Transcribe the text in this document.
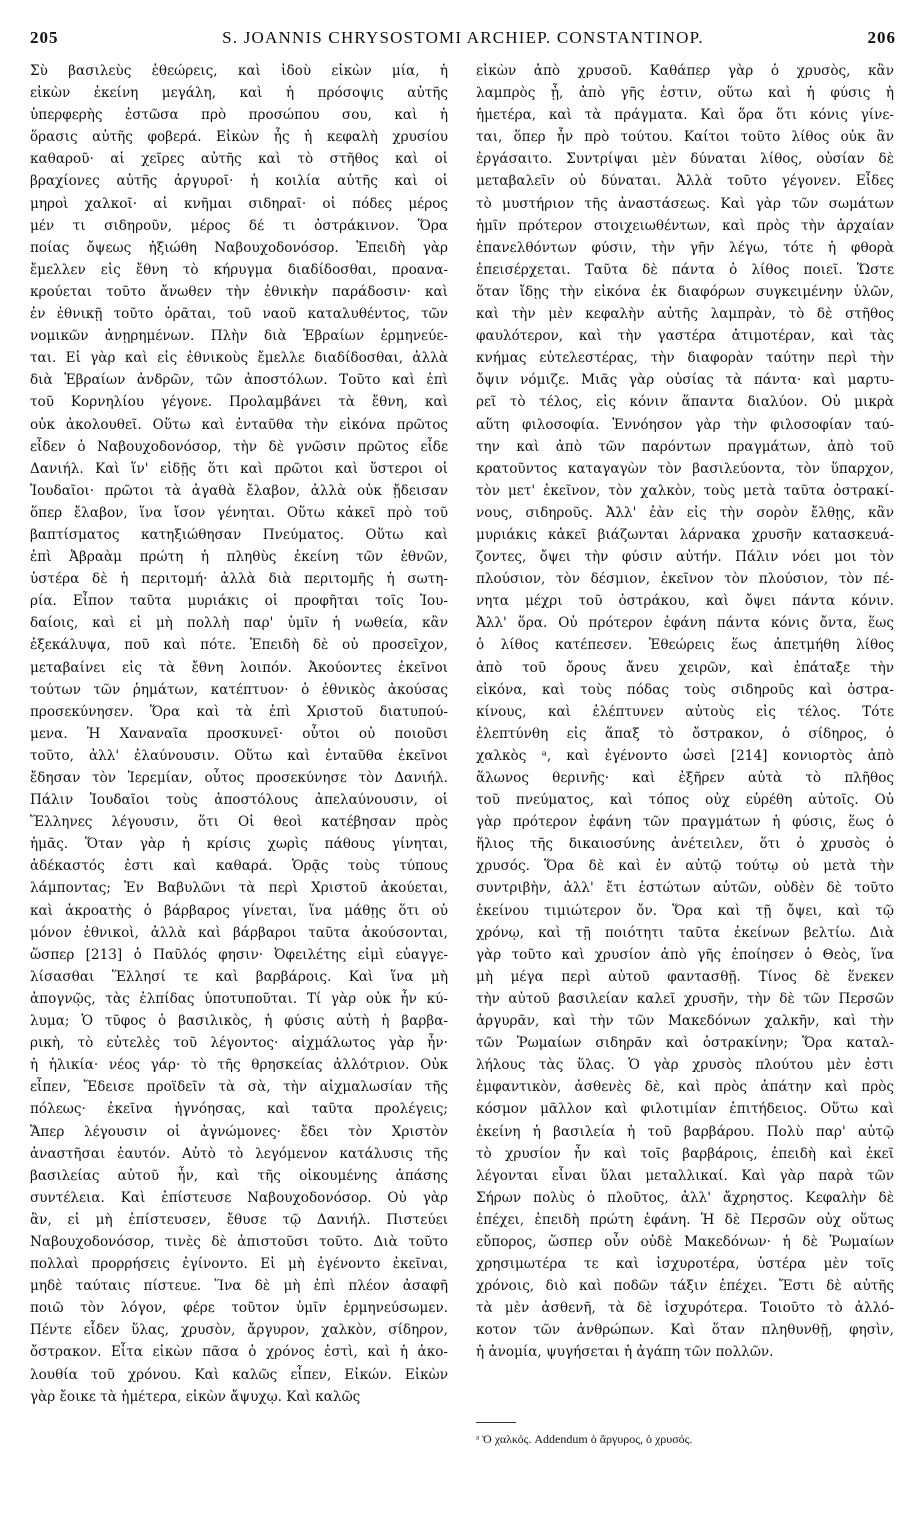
205	S. JOANNIS CHRYSOSTOMI ARCHIEP. CONSTANTINOP.	206
Σὺ βασιλεὺς ἐθεώρεις, καὶ ἰδοὺ εἰκὼν μία, ἡ
εἰκὼν ἐκείνη μεγάλη, καὶ ἡ πρόσοψις αὐτῆς
ὑπερφερὴς ἑστῶσα πρὸ προσώπου σου, καὶ ἡ
ὅρασις αὐτῆς φοβερά. Εἰκὼν ἧς ἡ κεφαλὴ χρυσίου
καθαροῦ· αἱ χεῖρες αὐτῆς καὶ τὸ στῆθος καὶ οἱ
βραχίονες αὐτῆς ἀργυροῖ· ἡ κοιλία αὐτῆς καὶ οἱ
μηροὶ χαλκοῖ· αἱ κνῆμαι σιδηραῖ· οἱ πόδες μέρος
μέν τι σιδηροῦν, μέρος δέ τι ὀστράκινον. Ὅρα
ποίας ὄψεως ἠξιώθη Ναβουχοδονόσορ. Ἐπειδὴ γὰρ
ἔμελλεν εἰς ἔθνη τὸ κήρυγμα διαδίδοσθαι, προανα-
κρούεται τοῦτο ἄνωθεν τὴν ἐθνικὴν παράδοσιν· καὶ
ἐν ἐθνικῇ τοῦτο ὁρᾶται, τοῦ ναοῦ καταλυθέντος, τῶν
νομικῶν ἀνῃρημένων. Πλὴν διὰ Ἑβραίων ἑρμηνεύε-
ται. Εἰ γὰρ καὶ εἰς ἐθνικοὺς ἔμελλε διαδίδοσθαι, ἀλλὰ
διὰ Ἑβραίων ἀνδρῶν, τῶν ἀποστόλων. Τοῦτο καὶ ἐπὶ
τοῦ Κορνηλίου γέγονε. Προλαμβάνει τὰ ἔθνη, καὶ
οὐκ ἀκολουθεῖ. Οὕτω καὶ ἐνταῦθα τὴν εἰκόνα πρῶτος
εἶδεν ὁ Ναβουχοδονόσορ, τὴν δὲ γνῶσιν πρῶτος εἶδε
Δανιήλ. Καὶ ἵν' εἰδῇς ὅτι καὶ πρῶτοι καὶ ὕστεροι οἱ
Ἰουδαῖοι· πρῶτοι τὰ ἀγαθὰ ἔλαβον, ἀλλὰ οὐκ ᾔδεισαν
ὅπερ ἔλαβον, ἵνα ἴσον γένηται. Οὕτω κἀκεῖ πρὸ τοῦ
βαπτίσματος κατηξιώθησαν Πνεύματος. Οὕτω καὶ
ἐπὶ Ἀβραὰμ πρώτη ἡ πληθὺς ἐκείνη τῶν ἐθνῶν,
ὑστέρα δὲ ἡ περιτομή· ἀλλὰ διὰ περιτομῆς ἡ σωτη-
ρία. Εἶπον ταῦτα μυριάκις οἱ προφῆται τοῖς Ἰου-
δαίοις, καὶ εἰ μὴ πολλὴ παρ' ὑμῖν ἡ νωθεία, κἂν
ἐξεκάλυψα, ποῦ καὶ πότε. Ἐπειδὴ δὲ οὐ προσεῖχον,
μεταβαίνει εἰς τὰ ἔθνη λοιπόν. Ἀκούοντες ἐκεῖνοι
τούτων τῶν ῥημάτων, κατέπτυον· ὁ ἐθνικὸς ἀκούσας
προσεκύνησεν. Ὅρα καὶ τὰ ἐπὶ Χριστοῦ διατυπού-
μενα. Ἡ Χαναναῖα προσκυνεῖ· οὗτοι οὐ ποιοῦσι
τοῦτο, ἀλλ' ἐλαύνουσιν. Οὕτω καὶ ἐνταῦθα ἐκεῖνοι
ἔδησαν τὸν Ἱερεμίαν, οὗτος προσεκύνησε τὸν Δανιήλ.
Πάλιν Ἰουδαῖοι τοὺς ἀποστόλους ἀπελαύνουσιν, οἱ
Ἕλληνες λέγουσιν, ὅτι Οἱ θεοὶ κατέβησαν πρὸς
ἡμᾶς. Ὅταν γὰρ ἡ κρίσις χωρὶς πάθους γίνηται,
ἀδέκαστός ἐστι καὶ καθαρά. Ὁρᾷς τοὺς τύπους
λάμποντας; Ἐν Βαβυλῶνι τὰ περὶ Χριστοῦ ἀκούεται,
καὶ ἀκροατὴς ὁ βάρβαρος γίνεται, ἵνα μάθῃς ὅτι οὐ
μόνον ἐθνικοὶ, ἀλλὰ καὶ βάρβαροι ταῦτα ἀκούσονται,
ὥσπερ [213] ὁ Παῦλός φησιν· Ὀφειλέτης εἰμὶ εὐαγγε-
λίσασθαι Ἕλλησί τε καὶ βαρβάροις. Καὶ ἵνα μὴ
ἀπογνῷς, τὰς ἐλπίδας ὑποτυποῦται. Τί γὰρ οὐκ ἦν κύ-
λυμα; Ὁ τῦφος ὁ βασιλικὸς, ἡ φύσις αὐτὴ ἡ βαρβα-
ρικὴ, τὸ εὐτελὲς τοῦ λέγοντος· αἰχμάλωτος γὰρ ἦν·
ἡ ἡλικία· νέος γάρ· τὸ τῆς θρησκείας ἀλλότριον. Οὐκ
εἶπεν, Ἔδεισε προϊδεῖν τὰ σὰ, τὴν αἰχμαλωσίαν τῆς
πόλεως· ἐκεῖνα ἠγνόησας, καὶ ταῦτα προλέγεις;
Ἅπερ λέγουσιν οἱ ἀγνώμονες· ἔδει τὸν Χριστὸν
ἀναστῆσαι ἑαυτόν. Αὐτὸ τὸ λεγόμενον κατάλυσις τῆς
βασιλείας αὐτοῦ ἦν, καὶ τῆς οἰκουμένης ἁπάσης
συντέλεια. Καὶ ἐπίστευσε Ναβουχοδονόσορ. Οὐ γὰρ
ἂν, εἰ μὴ ἐπίστευσεν, ἔθυσε τῷ Δανιήλ. Πιστεύει
Ναβουχοδονόσορ, τινὲς δὲ ἀπιστοῦσι τοῦτο. Διὰ τοῦτο
πολλαὶ προρρήσεις ἐγίνοντο. Εἰ μὴ ἐγένοντο ἐκεῖναι,
μηδὲ ταύταις πίστευε. Ἵνα δὲ μὴ ἐπὶ πλέον ἀσαφῆ
ποιῶ τὸν λόγον, φέρε τοῦτον ὑμῖν ἑρμηνεύσωμεν.
Πέντε εἶδεν ὕλας, χρυσὸν, ἄργυρον, χαλκὸν, σίδηρον,
ὄστρακον. Εἶτα εἰκὼν πᾶσα ὁ χρόνος ἐστὶ, καὶ ἡ ἀκο-
λουθία τοῦ χρόνου. Καὶ καλῶς εἶπεν, Εἰκών. Εἰκὼν
γὰρ ἔοικε τὰ ἡμέτερα, εἰκὼν ἄψυχῳ. Καὶ καλῶς
εἰκὼν ἀπὸ χρυσοῦ. Καθάπερ γὰρ ὁ χρυσὸς, κἂν
λαμπρὸς ᾖ, ἀπὸ γῆς ἐστιν, οὕτω καὶ ἡ φύσις ἡ
ἡμετέρα, καὶ τὰ πράγματα. Καὶ ὅρα ὅτι κόνις γίνε-
ται, ὅπερ ἦν πρὸ τούτου. Καίτοι τοῦτο λίθος οὐκ ἂν
ἐργάσαιτο. Συντρίψαι μὲν δύναται λίθος, οὐσίαν δὲ
μεταβαλεῖν οὐ δύναται. Ἀλλὰ τοῦτο γέγονεν. Εἶδες
τὸ μυστήριον τῆς ἀναστάσεως. Καὶ γὰρ τῶν σωμάτων
ἡμῖν πρότερον στοιχειωθέντων, καὶ πρὸς τὴν ἀρχαίαν
ἐπανελθόντων φύσιν, τὴν γῆν λέγω, τότε ἡ φθορὰ
ἐπεισέρχεται. Ταῦτα δὲ πάντα ὁ λίθος ποιεῖ. Ὥστε
ὅταν ἴδῃς τὴν εἰκόνα ἐκ διαφόρων συγκειμένην ὑλῶν,
καὶ τὴν μὲν κεφαλὴν αὐτῆς λαμπρὰν, τὸ δὲ στῆθος
φαυλότερον, καὶ τὴν γαστέρα ἀτιμοτέραν, καὶ τὰς
κνήμας εὐτελεστέρας, τὴν διαφορὰν ταύτην περὶ τὴν
ὄψιν νόμιζε. Μιᾶς γὰρ οὐσίας τὰ πάντα· καὶ μαρτυ-
ρεῖ τὸ τέλος, εἰς κόνιν ἅπαντα διαλύον. Οὐ μικρὰ
αὕτη φιλοσοφία. Ἐννόησον γὰρ τὴν φιλοσοφίαν ταύ-
την καὶ ἀπὸ τῶν παρόντων πραγμάτων, ἀπὸ τοῦ
κρατοῦντος καταγαγὼν τὸν βασιλεύοντα, τὸν ὕπαρχον,
τὸν μετ' ἐκεῖνον, τὸν χαλκὸν, τοὺς μετὰ ταῦτα ὀστρακί-
νους, σιδηροῦς. Ἀλλ' ἐὰν εἰς τὴν σορὸν ἔλθῃς, κἂν
μυριάκις κἀκεῖ βιάζωνται λάρνακα χρυσῆν κατασκευά-
ζοντες, ὄψει τὴν φύσιν αὐτήν. Πάλιν νόει μοι τὸν
πλούσιον, τὸν δέσμιον, ἐκεῖνον τὸν πλούσιον, τὸν πέ-
νητα μέχρι τοῦ ὀστράκου, καὶ ὄψει πάντα κόνιν.
Ἀλλ' ὅρα. Οὐ πρότερον ἐφάνη πάντα κόνις ὄντα, ἕως
ὁ λίθος κατέπεσεν. Ἐθεώρεις ἕως ἀπετμήθη λίθος
ἀπὸ τοῦ ὄρους ἄνευ χειρῶν, καὶ ἐπάταξε τὴν
εἰκόνα, καὶ τοὺς πόδας τοὺς σιδηροῦς καὶ ὀστρα-
κίνους, καὶ ἐλέπτυνεν αὐτοὺς εἰς τέλος. Τότε
ἐλεπτύνθη εἰς ἅπαξ τὸ ὄστρακον, ὁ σίδηρος, ὁ
χαλκὸς ᵃ, καὶ ἐγένοντο ὡσεὶ [214] κονιορτὸς ἀπὸ
ἅλωνος θερινῆς· καὶ ἐξῆρεν αὐτὰ τὸ πλῆθος
τοῦ πνεύματος, καὶ τόπος οὐχ εὑρέθη αὐτοῖς. Οὐ
γὰρ πρότερον ἐφάνη τῶν πραγμάτων ἡ φύσις, ἕως ὁ
ἥλιος τῆς δικαιοσύνης ἀνέτειλεν, ὅτι ὁ χρυσὸς ὁ
χρυσός. Ὅρα δὲ καὶ ἐν αὐτῷ τούτῳ οὐ μετὰ τὴν
συντριβὴν, ἀλλ' ἔτι ἑστώτων αὐτῶν, οὐδὲν δὲ τοῦτο
ἐκείνου τιμιώτερον ὄν. Ὅρα καὶ τῇ ὄψει, καὶ τῷ
χρόνῳ, καὶ τῇ ποιότητι ταῦτα ἐκείνων βελτίω. Διὰ
γὰρ τοῦτο καὶ χρυσίον ἀπὸ γῆς ἐποίησεν ὁ Θεὸς, ἵνα
μὴ μέγα περὶ αὐτοῦ φαντασθῇ. Τίνος δὲ ἕνεκεν
τὴν αὐτοῦ βασιλείαν καλεῖ χρυσῆν, τὴν δὲ τῶν Περσῶν
ἀργυρᾶν, καὶ τὴν τῶν Μακεδόνων χαλκῆν, καὶ τὴν
τῶν Ῥωμαίων σιδηρᾶν καὶ ὀστρακίνην; Ὅρα καταλ-
λήλους τὰς ὕλας. Ὁ γὰρ χρυσὸς πλούτου μὲν ἐστι
ἐμφαντικὸν, ἀσθενὲς δὲ, καὶ πρὸς ἀπάτην καὶ πρὸς
κόσμον μᾶλλον καὶ φιλοτιμίαν ἐπιτήδειος. Οὕτω καὶ
ἐκείνη ἡ βασιλεία ἡ τοῦ βαρβάρου. Πολὺ παρ' αὐτῷ
τὸ χρυσίον ἦν καὶ τοῖς βαρβάροις, ἐπειδὴ καὶ ἐκεῖ
λέγονται εἶναι ὕλαι μεταλλικαί. Καὶ γὰρ παρὰ τῶν
Σήρων πολὺς ὁ πλοῦτος, ἀλλ' ἄχρηστος. Κεφαλὴν δὲ
ἐπέχει, ἐπειδὴ πρώτη ἐφάνη. Ἡ δὲ Περσῶν οὐχ οὕτως
εὔπορος, ὥσπερ οὖν οὐδὲ Μακεδόνων· ἡ δὲ Ῥωμαίων
χρησιμωτέρα τε καὶ ἰσχυροτέρα, ὑστέρα μὲν τοῖς
χρόνοις, διὸ καὶ ποδῶν τάξιν ἐπέχει. Ἔστι δὲ αὐτῆς
τὰ μὲν ἀσθενῆ, τὰ δὲ ἰσχυρότερα. Τοιοῦτο τὸ ἀλλό-
κοτον τῶν ἀνθρώπων. Καὶ ὅταν πληθυνθῇ, φησὶν,
ἡ ἀνομία, ψυγήσεται ἡ ἀγάπη τῶν πολλῶν.
ᵃ Ὁ χαλκός. Addendum ὁ ἄργυρος, ὁ χρυσός.
